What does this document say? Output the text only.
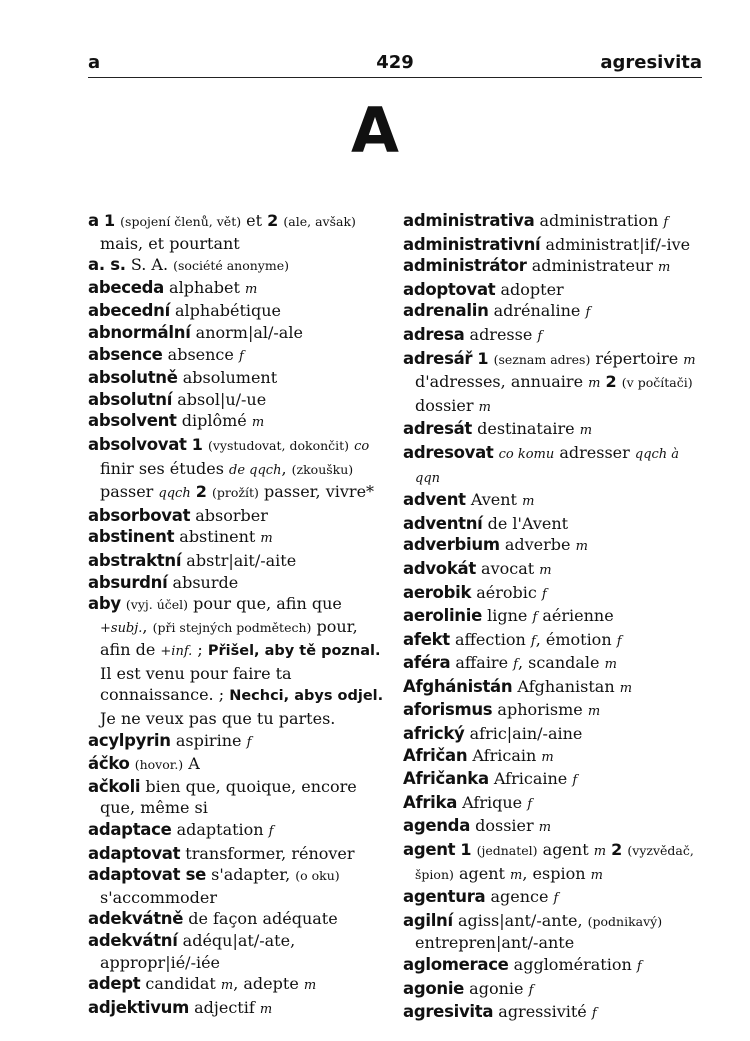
a	429	agresivita
A

a 1 (spojení členů, vět) et 2 (ale, avšak) mais, et pourtant

a. s. S. A. (société anonyme)

abeceda alphabet m

abecední alphabétique

abnormální anorm|al/-ale

absence absence f

absolutně absolument

absolutní absol|u/-ue

absolvent diplômé m

absolvovat 1 (vystudovat, dokončit) co finir ses études de qqch, (zkoušku) passer qqch 2 (prožít) passer, vivre*

absorbovat absorber

abstinent abstinent m

abstraktní abstr|ait/-aite

absurdní absurde

aby (vyj. účel) pour que, afin que +subj., (při stejných podmětech) pour, afin de +inf. ; Přišel, aby tě poznal. Il est venu pour faire ta connaissance. ; Nechci, abys odjel. Je ne veux pas que tu partes.

acylpyrin aspirine f

áčko (hovor.) A

ačkoli bien que, quoique, encore que, même si

adaptace adaptation f

adaptovat transformer, rénover

adaptovat se s'adapter, (o oku) s'accommoder

adekvátně de façon adéquate

adekvátní adéqu|at/-ate, appropr|ié/-iée

adept candidat m, adepte m

adjektivum adjectif m

administrativa administration f

administrativní administrat|if/-ive

administrátor administrateur m

adoptovat adopter

adrenalin adrénaline f

adresa adresse f

adresář 1 (seznam adres) répertoire m d'adresses, annuaire m 2 (v počítači) dossier m

adresát destinataire m

adresovat co komu adresser qqch à qqn

advent Avent m

adventní de l'Avent

adverbium adverbe m

advokát avocat m

aerobik aérobic f

aerolinie ligne f aérienne

afekt affection f, émotion f

aféra affaire f, scandale m

Afghánistán Afghanistan m

aforismus aphorisme m

africký afric|ain/-aine

Afričan Africain m

Afričanka Africaine f

Afrika Afrique f

agenda dossier m

agent 1 (jednatel) agent m 2 (vyzvědač, špion) agent m, espion m

agentura agence f

agilní agiss|ant/-ante, (podnikavý) entrepren|ant/-ante

aglomerace agglomération f

agonie agonie f

agresivita agressivité f
